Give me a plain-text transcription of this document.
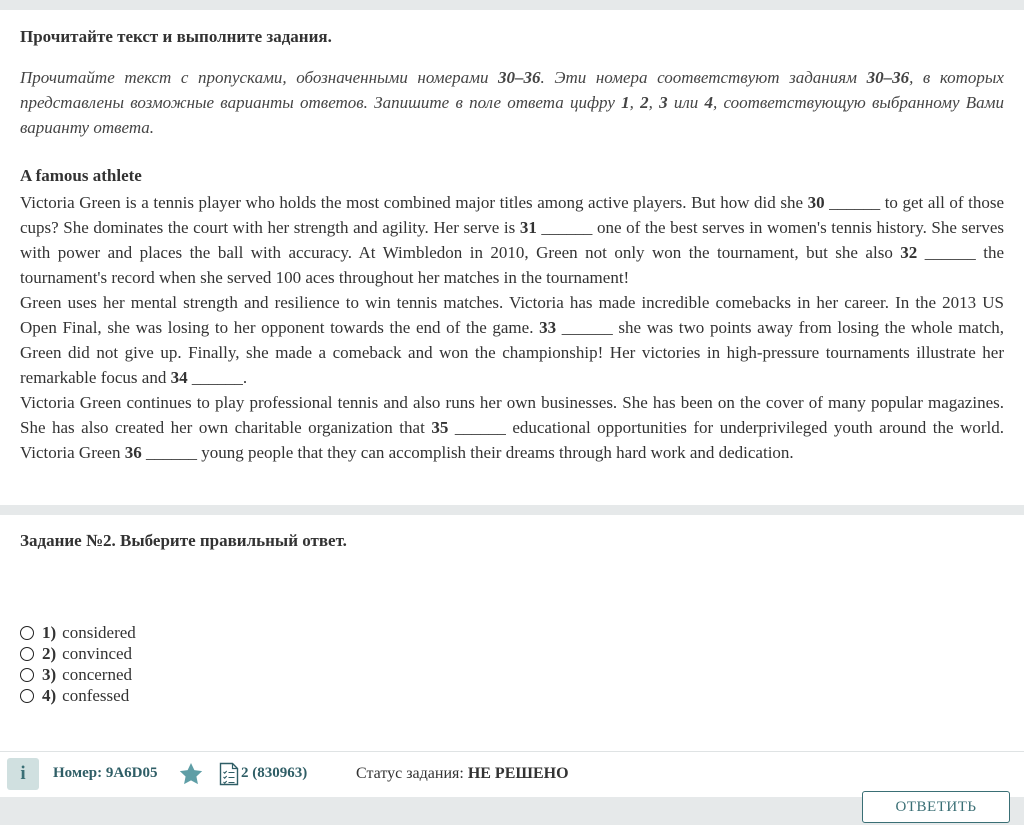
Прочитайте текст и выполните задания.

Прочитайте текст с пропусками, обозначенными номерами 30–36. Эти номера соответствуют заданиям 30–36, в которых представлены возможные варианты ответов. Запишите в поле ответа цифру 1, 2, 3 или 4, соответствующую выбранному Вами варианту ответа.

A famous athlete

Victoria Green is a tennis player who holds the most combined major titles among active players. But how did she 30 ______ to get all of those cups? She dominates the court with her strength and agility. Her serve is 31 ______ one of the best serves in women's tennis history. She serves with power and places the ball with accuracy. At Wimbledon in 2010, Green not only won the tournament, but she also 32 ______ the tournament's record when she served 100 aces throughout her matches in the tournament!

Green uses her mental strength and resilience to win tennis matches. Victoria has made incredible comebacks in her career. In the 2013 US Open Final, she was losing to her opponent towards the end of the game. 33 ______ she was two points away from losing the whole match, Green did not give up. Finally, she made a comeback and won the championship! Her victories in high-pressure tournaments illustrate her remarkable focus and 34 ______.

Victoria Green continues to play professional tennis and also runs her own businesses. She has been on the cover of many popular magazines. She has also created her own charitable organization that 35 ______ educational opportunities for underprivileged youth around the world. Victoria Green 36 ______ young people that they can accomplish their dreams through hard work and dedication.

Задание №2. Выберите правильный ответ.
1) considered
2) convinced
3) concerned
4) confessed
i	Номер: 9A6D05	2 (830963)	Статус задания: НЕ РЕШЕНО
ОТВЕТИТЬ
